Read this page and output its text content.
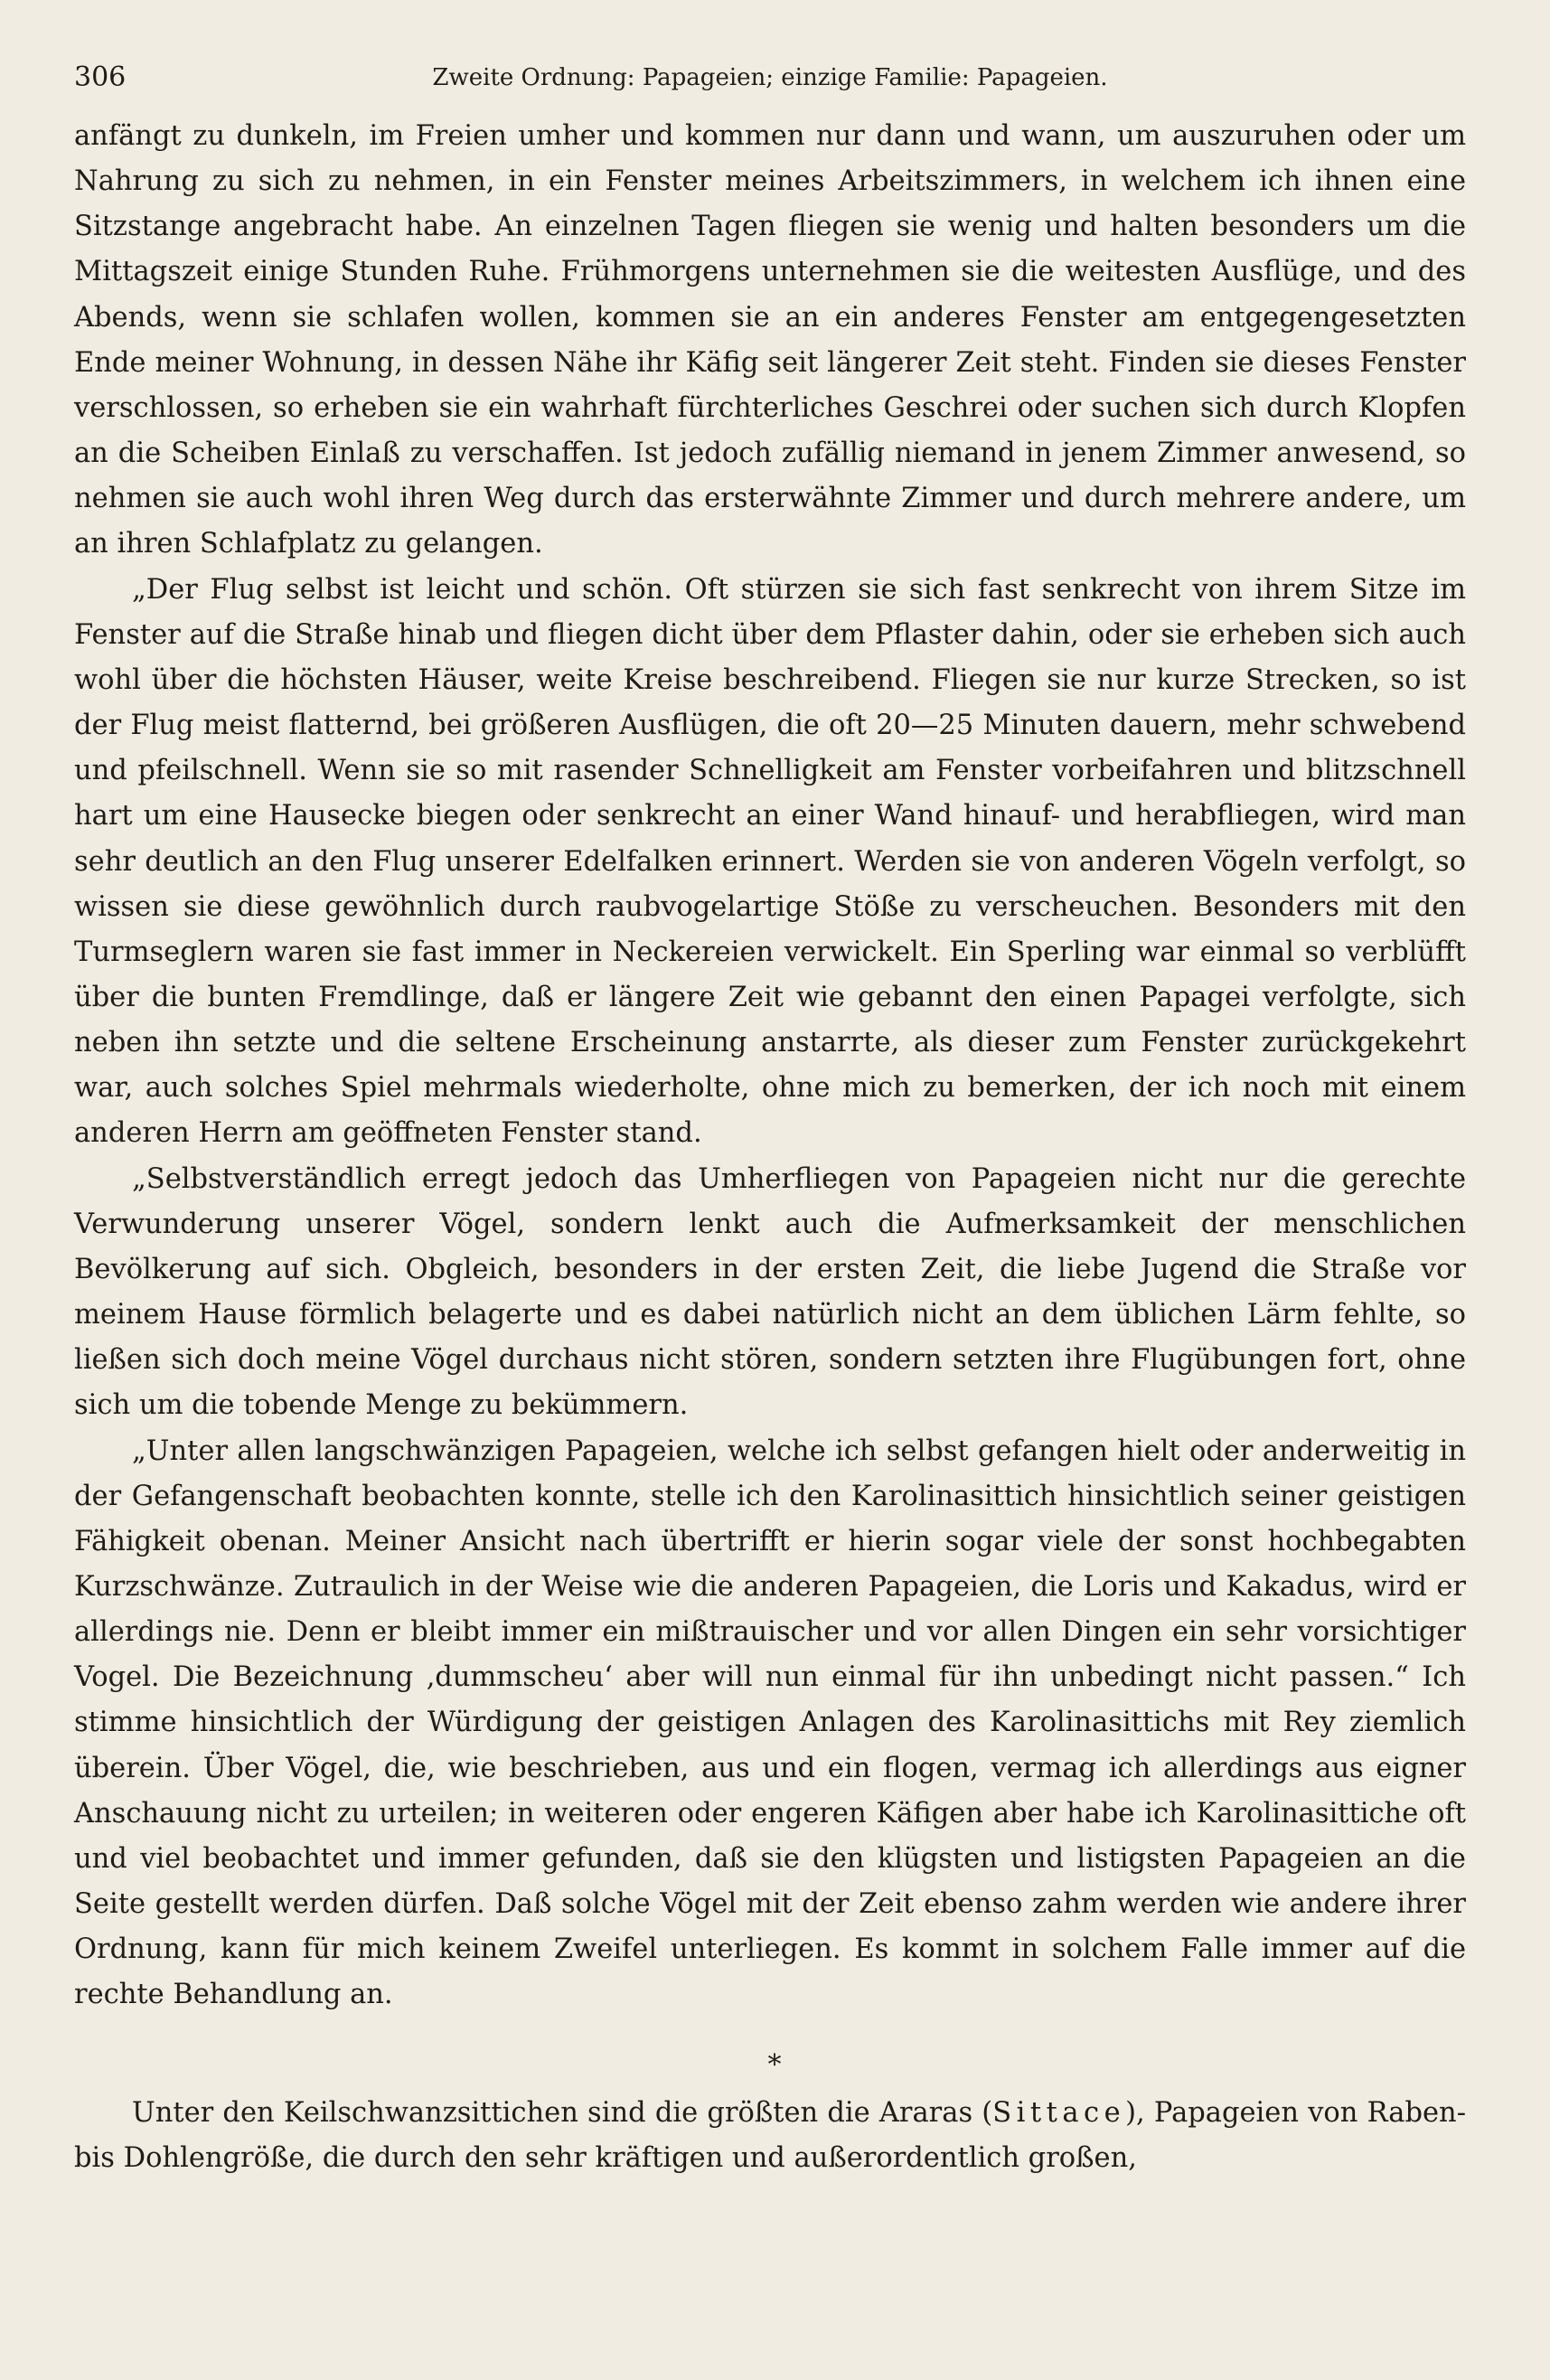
306	Zweite Ordnung: Papageien; einzige Familie: Papageien.

anfängt zu dunkeln, im Freien umher und kommen nur dann und wann, um auszuruhen oder um Nahrung zu sich zu nehmen, in ein Fenster meines Arbeitszimmers, in welchem ich ihnen eine Sitzstange angebracht habe. An einzelnen Tagen fliegen sie wenig und halten besonders um die Mittagszeit einige Stunden Ruhe. Frühmorgens unternehmen sie die weitesten Ausflüge, und des Abends, wenn sie schlafen wollen, kommen sie an ein anderes Fenster am entgegengesetzten Ende meiner Wohnung, in dessen Nähe ihr Käfig seit längerer Zeit steht. Finden sie dieses Fenster verschlossen, so erheben sie ein wahrhaft fürchterliches Geschrei oder suchen sich durch Klopfen an die Scheiben Einlaß zu verschaffen. Ist jedoch zufällig niemand in jenem Zimmer anwesend, so nehmen sie auch wohl ihren Weg durch das ersterwähnte Zimmer und durch mehrere andere, um an ihren Schlafplatz zu gelangen.

„Der Flug selbst ist leicht und schön. Oft stürzen sie sich fast senkrecht von ihrem Sitze im Fenster auf die Straße hinab und fliegen dicht über dem Pflaster dahin, oder sie erheben sich auch wohl über die höchsten Häuser, weite Kreise beschreibend. Fliegen sie nur kurze Strecken, so ist der Flug meist flatternd, bei größeren Ausflügen, die oft 20—25 Minuten dauern, mehr schwebend und pfeilschnell. Wenn sie so mit rasender Schnelligkeit am Fenster vorbeifahren und blitzschnell hart um eine Hausecke biegen oder senkrecht an einer Wand hinauf- und herabfliegen, wird man sehr deutlich an den Flug unserer Edelfalken erinnert. Werden sie von anderen Vögeln verfolgt, so wissen sie diese gewöhnlich durch raubvogelartige Stöße zu verscheuchen. Besonders mit den Turmseglern waren sie fast immer in Neckereien verwickelt. Ein Sperling war einmal so verblüfft über die bunten Fremdlinge, daß er längere Zeit wie gebannt den einen Papagei verfolgte, sich neben ihn setzte und die seltene Erscheinung anstarrte, als dieser zum Fenster zurückgekehrt war, auch solches Spiel mehrmals wiederholte, ohne mich zu bemerken, der ich noch mit einem anderen Herrn am geöffneten Fenster stand.

„Selbstverständlich erregt jedoch das Umherfliegen von Papageien nicht nur die gerechte Verwunderung unserer Vögel, sondern lenkt auch die Aufmerksamkeit der menschlichen Bevölkerung auf sich. Obgleich, besonders in der ersten Zeit, die liebe Jugend die Straße vor meinem Hause förmlich belagerte und es dabei natürlich nicht an dem üblichen Lärm fehlte, so ließen sich doch meine Vögel durchaus nicht stören, sondern setzten ihre Flugübungen fort, ohne sich um die tobende Menge zu bekümmern.

„Unter allen langschwänzigen Papageien, welche ich selbst gefangen hielt oder anderweitig in der Gefangenschaft beobachten konnte, stelle ich den Karolinasittich hinsichtlich seiner geistigen Fähigkeit obenan. Meiner Ansicht nach übertrifft er hierin sogar viele der sonst hochbegabten Kurzschwänze. Zutraulich in der Weise wie die anderen Papageien, die Loris und Kakadus, wird er allerdings nie. Denn er bleibt immer ein mißtrauischer und vor allen Dingen ein sehr vorsichtiger Vogel. Die Bezeichnung ‚dummscheu‘ aber will nun einmal für ihn unbedingt nicht passen.“ Ich stimme hinsichtlich der Würdigung der geistigen Anlagen des Karolinasittichs mit Rey ziemlich überein. Über Vögel, die, wie beschrieben, aus und ein flogen, vermag ich allerdings aus eigner Anschauung nicht zu urteilen; in weiteren oder engeren Käfigen aber habe ich Karolinasittiche oft und viel beobachtet und immer gefunden, daß sie den klügsten und listigsten Papageien an die Seite gestellt werden dürfen. Daß solche Vögel mit der Zeit ebenso zahm werden wie andere ihrer Ordnung, kann für mich keinem Zweifel unterliegen. Es kommt in solchem Falle immer auf die rechte Behandlung an.

*

Unter den Keilschwanzsittichen sind die größten die Araras (Sittace), Papageien von Raben- bis Dohlengröße, die durch den sehr kräftigen und außerordentlich großen,
